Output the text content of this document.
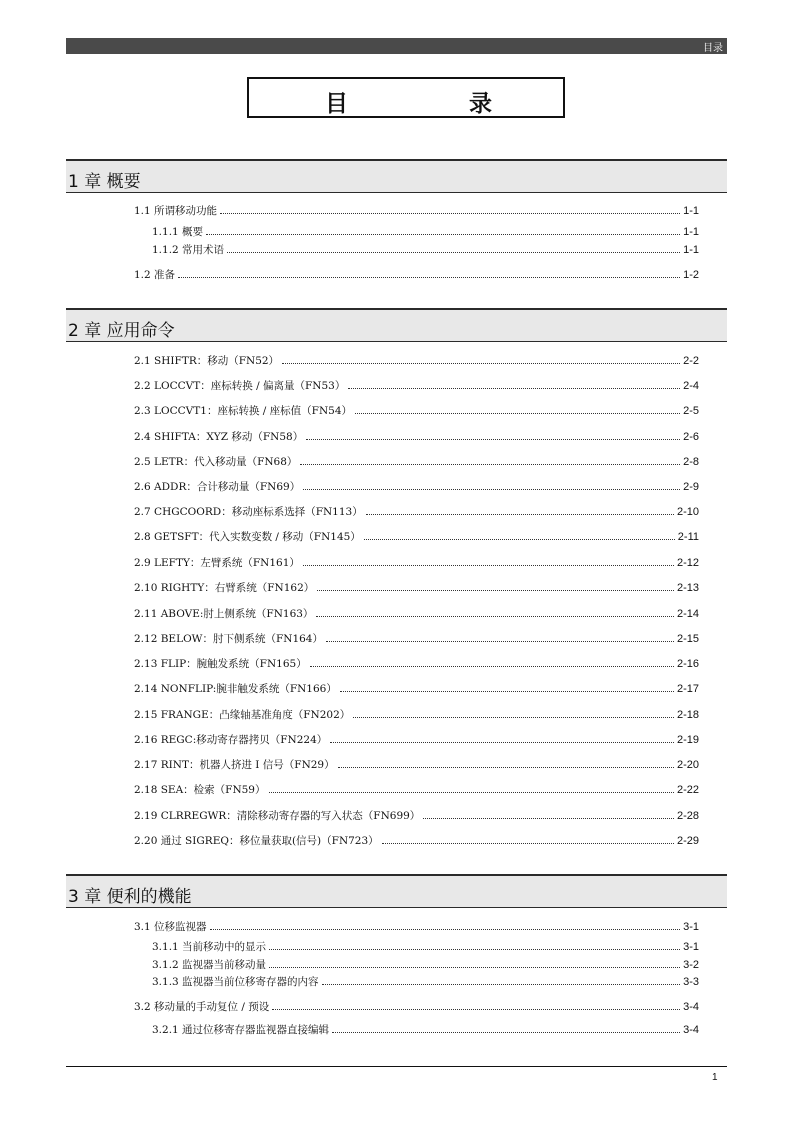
目录
目	录
1 章 概要
1.1 所谓移动功能	1-1
1.1.1 概要	1-1
1.1.2 常用术语	1-1
1.2 准备	1-2
2 章 应用命令
2.1 SHIFTR：移动（FN52）	2-2
2.2 LOCCVT：座标转换 / 偏离量（FN53）	2-4
2.3 LOCCVT1：座标转换 / 座标值（FN54）	2-5
2.4 SHIFTA：XYZ 移动（FN58）	2-6
2.5 LETR：代入移动量（FN68）	2-8
2.6 ADDR：合计移动量（FN69）	2-9
2.7 CHGCOORD：移动座标系选择（FN113）	2-10
2.8 GETSFT：代入实数变数 / 移动（FN145）	2-11
2.9 LEFTY：左臂系统（FN161）	2-12
2.10 RIGHTY：右臂系统（FN162）	2-13
2.11 ABOVE:肘上侧系统（FN163）	2-14
2.12 BELOW：肘下侧系统（FN164）	2-15
2.13 FLIP：腕触发系统（FN165）	2-16
2.14 NONFLIP:腕非触发系统（FN166）	2-17
2.15 FRANGE：凸缘轴基准角度（FN202）	2-18
2.16 REGC:移动寄存器拷贝（FN224）	2-19
2.17 RINT：机器人挤进 I 信号（FN29）	2-20
2.18 SEA：检索（FN59）	2-22
2.19 CLRREGWR：清除移动寄存器的写入状态（FN699）	2-28
2.20 通过 SIGREQ：移位量获取(信号)（FN723）	2-29
3 章 便利的機能
3.1 位移监视器	3-1
3.1.1 当前移动中的显示	3-1
3.1.2 监视器当前移动量	3-2
3.1.3 监视器当前位移寄存器的内容	3-3
3.2 移动量的手动复位 / 预设	3-4
3.2.1 通过位移寄存器监视器直接编辑	3-4
1
